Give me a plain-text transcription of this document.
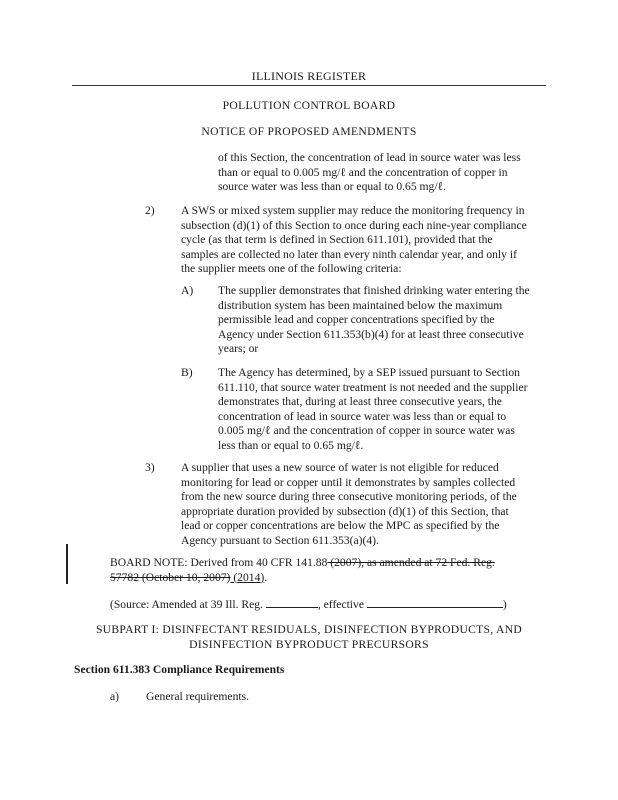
ILLINOIS REGISTER
POLLUTION CONTROL BOARD
NOTICE OF PROPOSED AMENDMENTS
of this Section, the concentration of lead in source water was less
than or equal to 0.005 mg/ℓ and the concentration of copper in
source water was less than or equal to 0.65 mg/ℓ.
2) A SWS or mixed system supplier may reduce the monitoring frequency in
subsection (d)(1) of this Section to once during each nine-year compliance
cycle (as that term is defined in Section 611.101), provided that the
samples are collected no later than every ninth calendar year, and only if
the supplier meets one of the following criteria:
A) The supplier demonstrates that finished drinking water entering the
distribution system has been maintained below the maximum
permissible lead and copper concentrations specified by the
Agency under Section 611.353(b)(4) for at least three consecutive
years; or
B) The Agency has determined, by a SEP issued pursuant to Section
611.110, that source water treatment is not needed and the supplier
demonstrates that, during at least three consecutive years, the
concentration of lead in source water was less than or equal to
0.005 mg/ℓ and the concentration of copper in source water was
less than or equal to 0.65 mg/ℓ.
3) A supplier that uses a new source of water is not eligible for reduced
monitoring for lead or copper until it demonstrates by samples collected
from the new source during three consecutive monitoring periods, of the
appropriate duration provided by subsection (d)(1) of this Section, that
lead or copper concentrations are below the MPC as specified by the
Agency pursuant to Section 611.353(a)(4).
BOARD NOTE: Derived from 40 CFR 141.88 (2007), as amended at 72 Fed. Reg.
57782 (October 10, 2007) (2014).
(Source: Amended at 39 Ill. Reg.	, effective	)
SUBPART I: DISINFECTANT RESIDUALS, DISINFECTION BYPRODUCTS, AND
DISINFECTION BYPRODUCT PRECURSORS
Section 611.383 Compliance Requirements
a) General requirements.
